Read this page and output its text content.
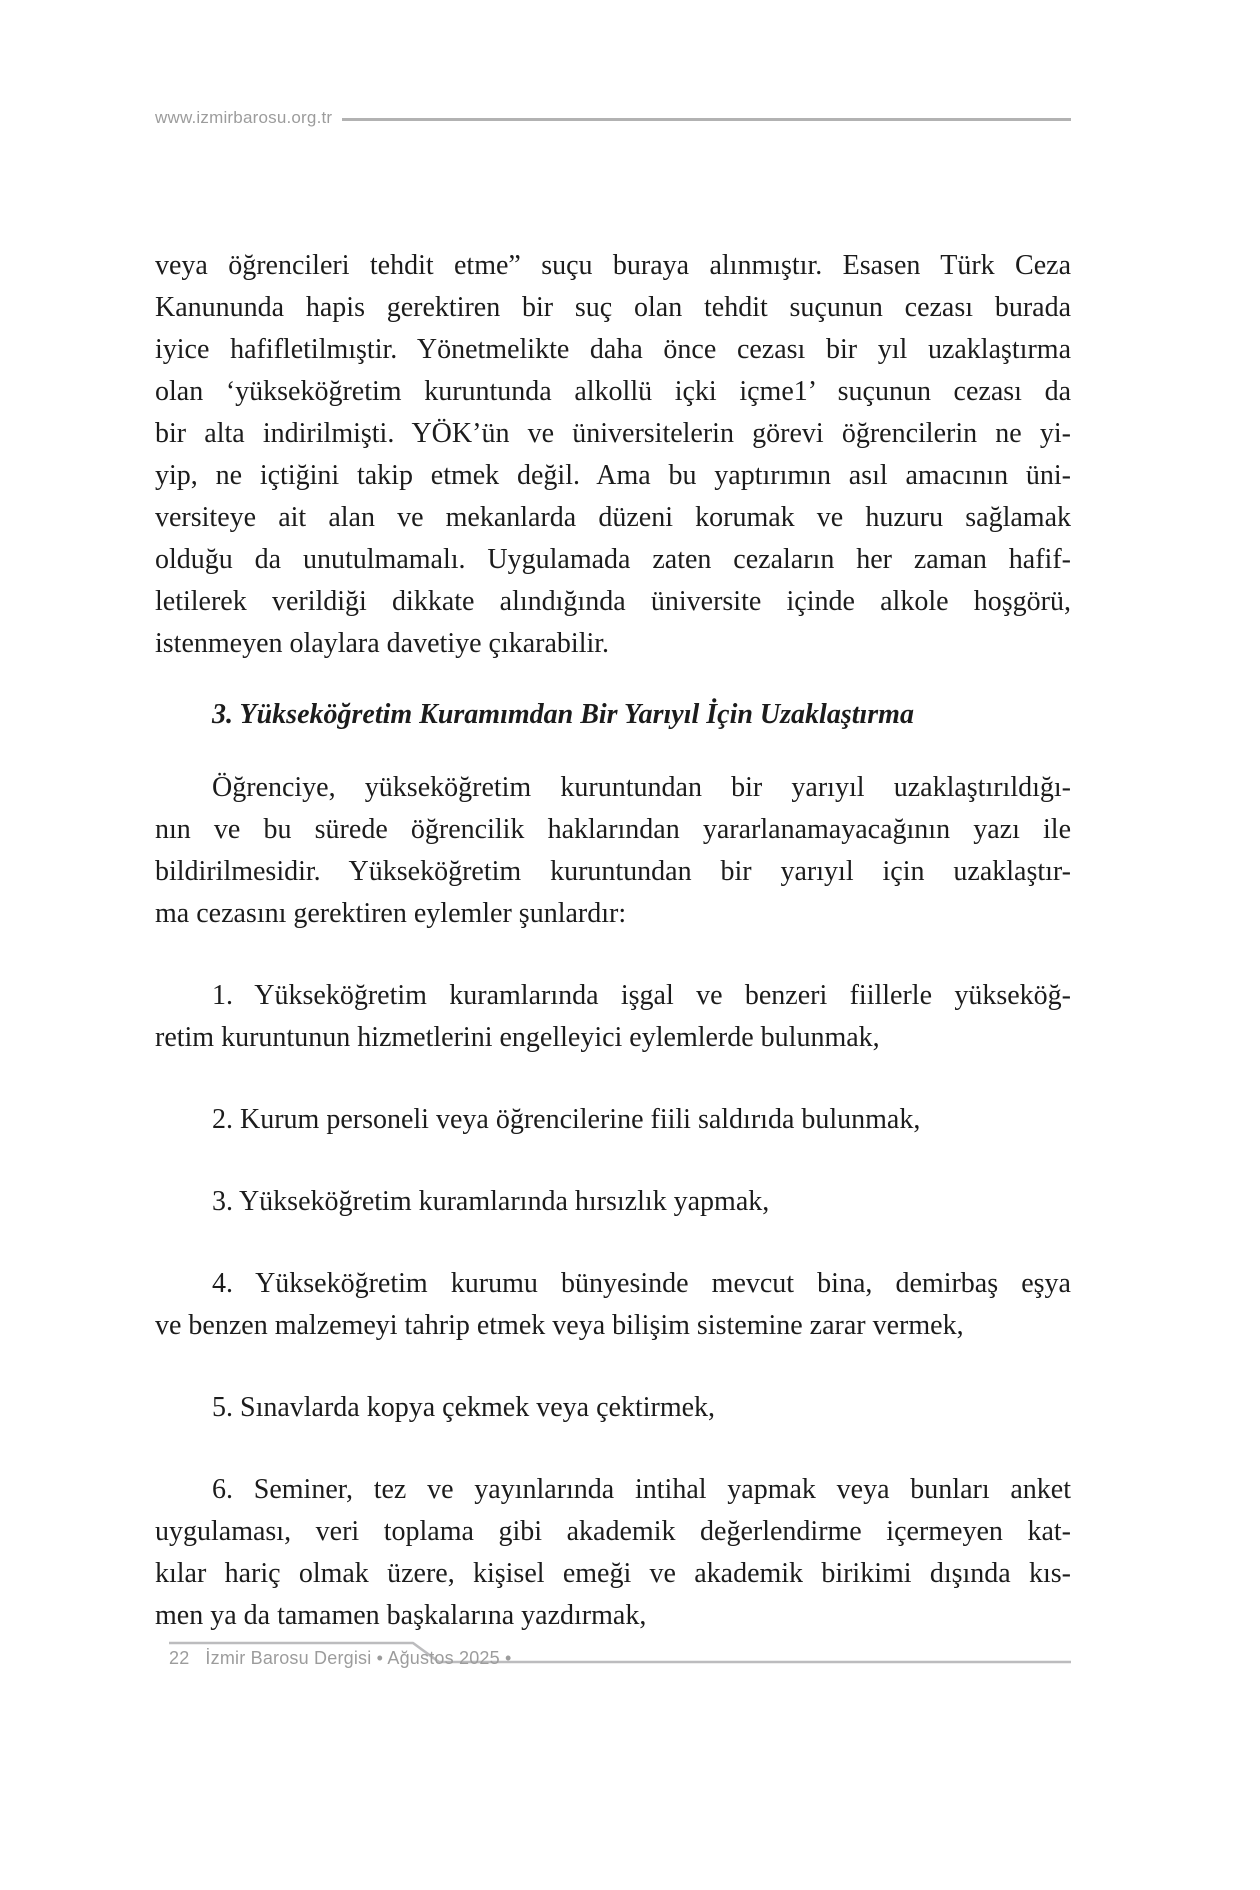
www.izmirbarosu.org.tr
veya öğrencileri tehdit etme” suçu buraya alınmıştır. Esasen Türk Ceza
Kanununda hapis gerektiren bir suç olan tehdit suçunun cezası burada
iyice hafifletilmıştir. Yönetmelikte daha önce cezası bir yıl uzaklaştırma
olan ‘yükseköğretim kuruntunda alkollü içki içme1’ suçunun cezası da
bir alta indirilmişti. YÖK’ün ve üniversitelerin görevi öğrencilerin ne yi-
yip, ne içtiğini takip etmek değil. Ama bu yaptırımın asıl amacının üni-
versiteye ait alan ve mekanlarda düzeni korumak ve huzuru sağlamak
olduğu da unutulmamalı. Uygulamada zaten cezaların her zaman hafif-
letilerek verildiği dikkate alındığında üniversite içinde alkole hoşgörü,
istenmeyen olaylara davetiye çıkarabilir.
3. Yükseköğretim Kuramımdan Bir Yarıyıl İçin Uzaklaştırma
Öğrenciye, yükseköğretim kuruntundan bir yarıyıl uzaklaştırıldığı-
nın ve bu sürede öğrencilik haklarından yararlanamayacağının yazı ile
bildirilmesidir. Yükseköğretim kuruntundan bir yarıyıl için uzaklaştır-
ma cezasını gerektiren eylemler şunlardır:
1. Yükseköğretim kuramlarında işgal ve benzeri fiillerle yükseköğ-
retim kuruntunun hizmetlerini engelleyici eylemlerde bulunmak,
2. Kurum personeli veya öğrencilerine fiili saldırıda bulunmak,
3. Yükseköğretim kuramlarında hırsızlık yapmak,
4. Yükseköğretim kurumu bünyesinde mevcut bina, demirbaş eşya
ve benzen malzemeyi tahrip etmek veya bilişim sistemine zarar vermek,
5. Sınavlarda kopya çekmek veya çektirmek,
6. Seminer, tez ve yayınlarında intihal yapmak veya bunları anket
uygulaması, veri toplama gibi akademik değerlendirme içermeyen kat-
kılar hariç olmak üzere, kişisel emeği ve akademik birikimi dışında kıs-
men ya da tamamen başkalarına yazdırmak,
22 İzmir Barosu Dergisi • Ağustos 2025 •
